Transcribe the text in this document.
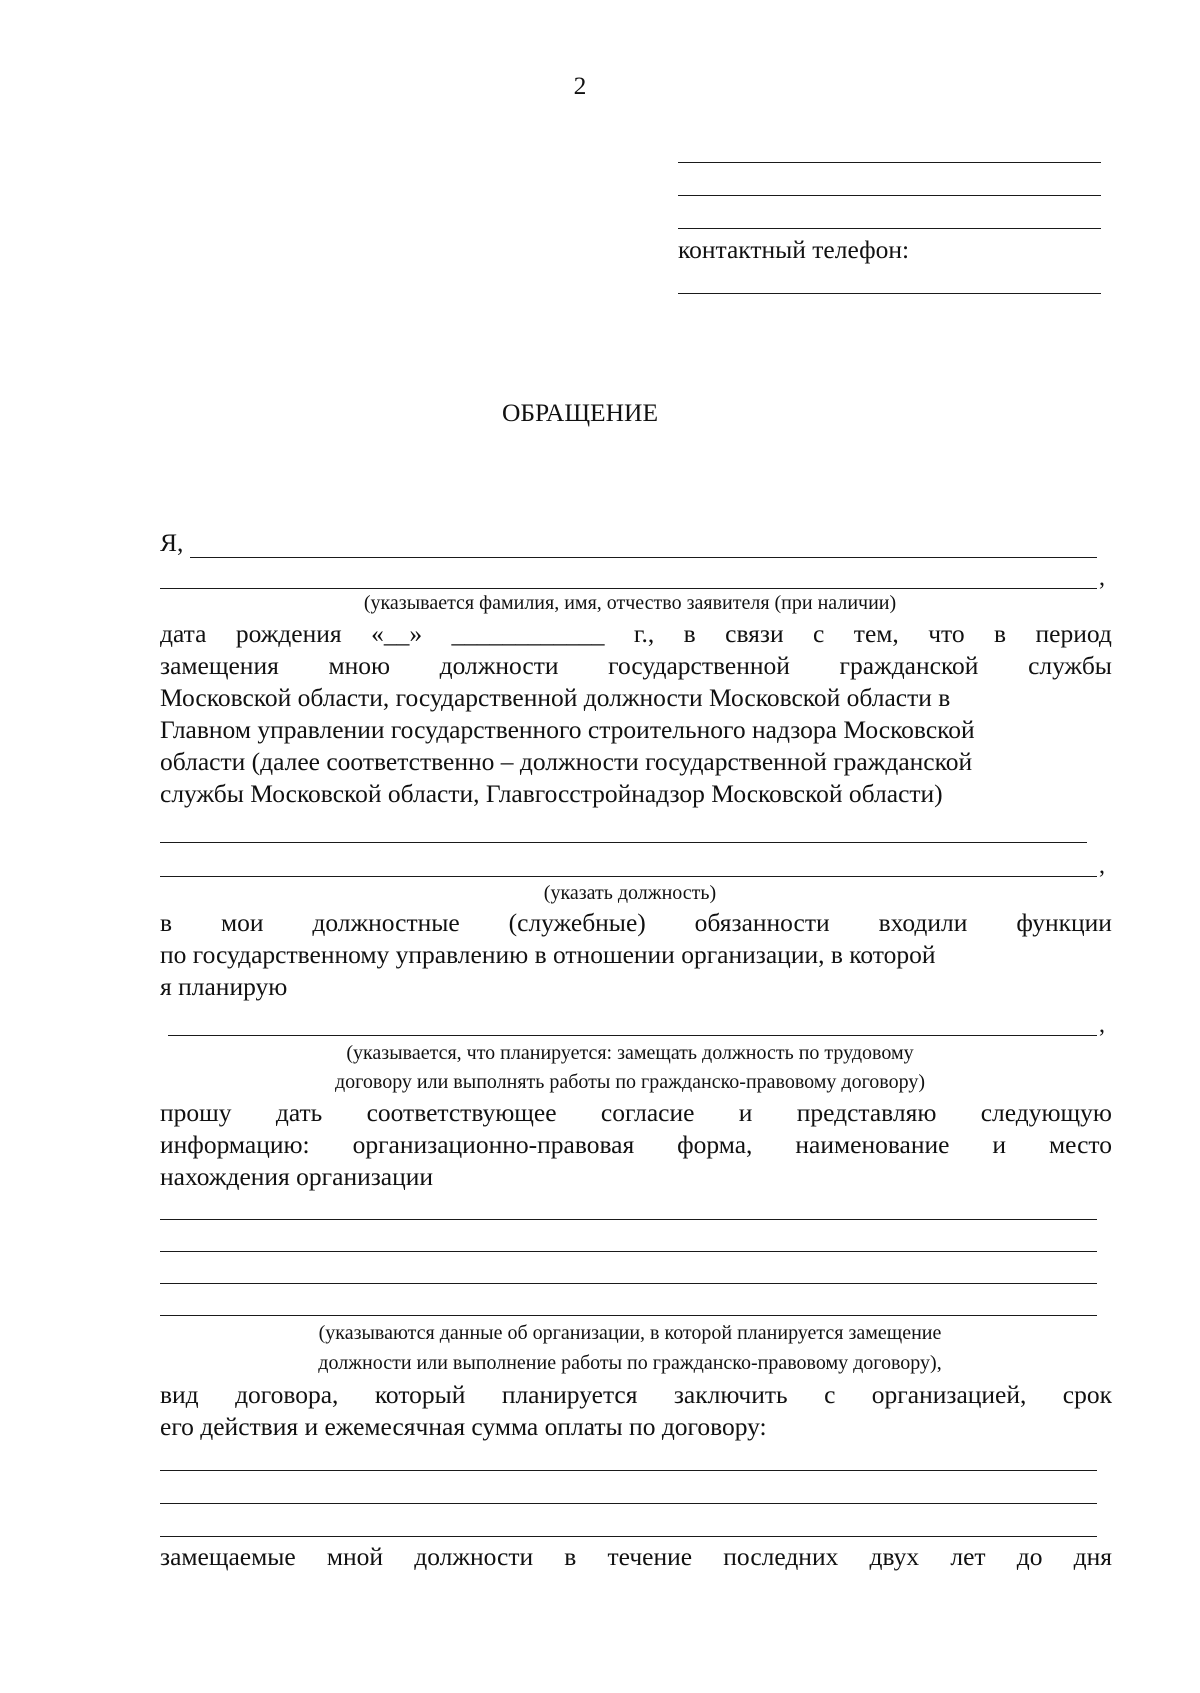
2
контактный телефон:
ОБРАЩЕНИЕ
Я,
,
(указывается фамилия, имя, отчество заявителя (при наличии)
дата рождения «__» ____________ г., в связи с тем, что в период
замещения мною должности государственной гражданской службы
Московской области, государственной должности Московской области в
Главном управлении государственного строительного надзора Московской
области (далее соответственно – должности государственной гражданской
службы Московской области, Главгосстройнадзор Московской области)
,
(указать должность)
в мои должностные (служебные) обязанности входили функции
по государственному управлению в отношении организации, в которой
я планирую
,
(указывается, что планируется: замещать должность по трудовому
договору или выполнять работы по гражданско-правовому договору)
прошу дать соответствующее согласие и представляю следующую
информацию: организационно-правовая форма, наименование и место
нахождения организации
(указываются данные об организации, в которой планируется замещение
должности или выполнение работы по гражданско-правовому договору),
вид договора, который планируется заключить с организацией, срок
его действия и ежемесячная сумма оплаты по договору:
замещаемые мной должности в течение последних двух лет до дня
